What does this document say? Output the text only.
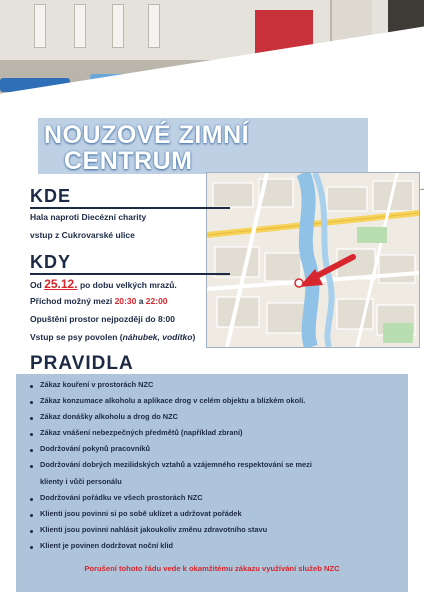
NOUZOVÉ ZIMNÍ
CENTRUM
KDE
Hala naproti Diecézní charity
vstup z Cukrovarské ulice
KDY
Od 25.12. po dobu velkých mrazů.
Příchod možný mezi 20:30 a 22:00
Opuštění prostor nejpozději do 8:00
Vstup se psy povolen (náhubek, vodítko)
PRAVIDLA
Zákaz kouření v prostorách NZC
Zákaz konzumace alkoholu a aplikace drog v celém objektu a blízkém okolí.
Zákaz donášky alkoholu a drog do NZC
Zákaz vnášení nebezpečných předmětů (například zbraní)
Dodržování pokynů pracovníků
Dodržování dobrých mezilidských vztahů a vzájemného respektování se mezi
klienty i vůči personálu
Dodržování pořádku ve všech prostorách NZC
Klienti jsou povinni si po sobě uklízet a udržovat pořádek
Klienti jsou povinni nahlásit jakoukoliv změnu zdravotního stavu
Klient je povinen dodržovat noční klid
Porušení tohoto řádu vede k okamžitému zákazu využívání služeb NZC
